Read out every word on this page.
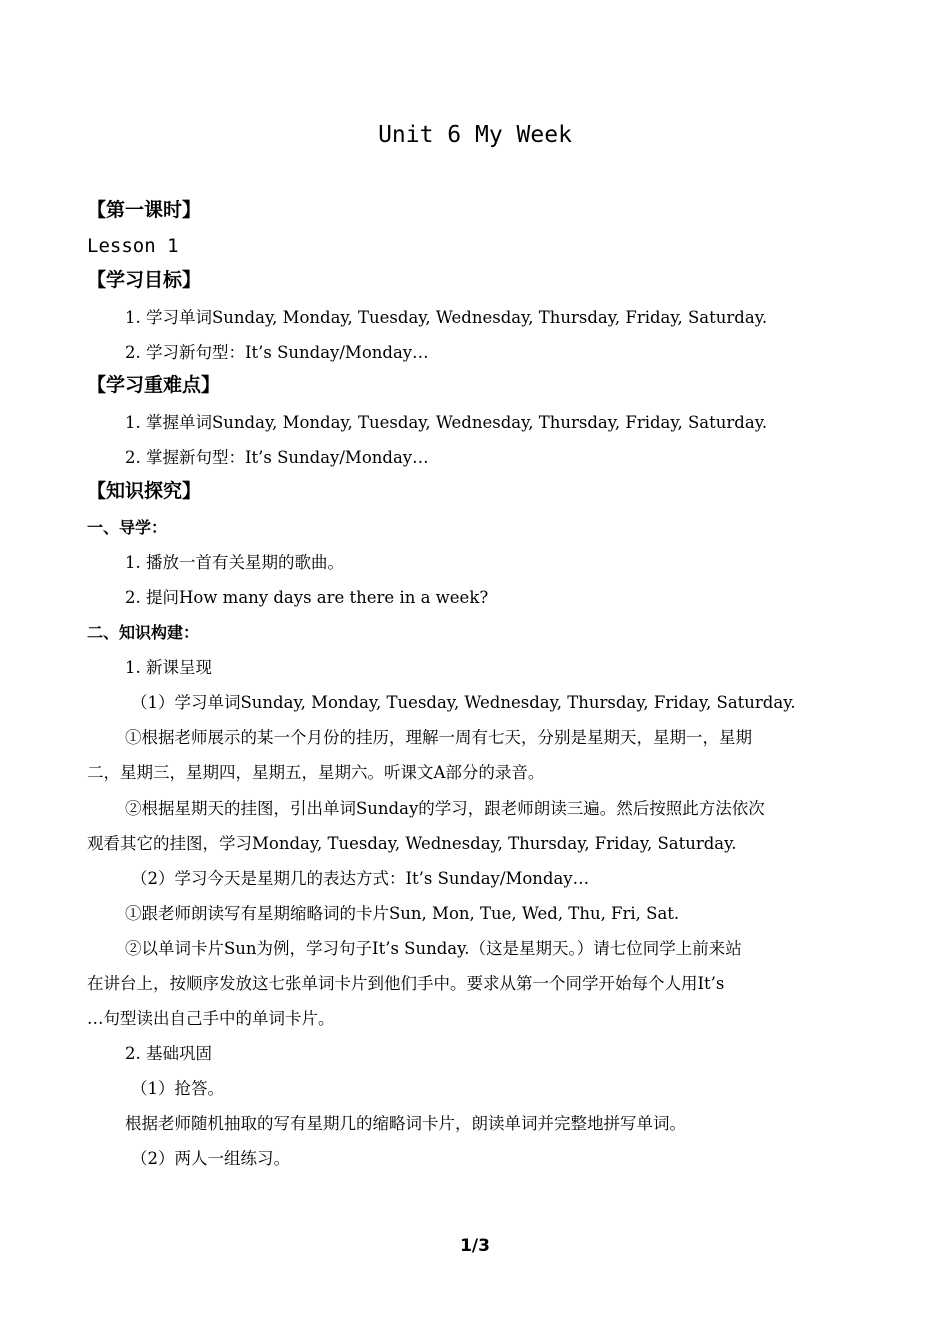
Unit 6 My Week
【第一课时】
Lesson 1
【学习目标】
1. 学习单词Sunday, Monday, Tuesday, Wednesday, Thursday, Friday, Saturday.
2. 学习新句型：It’s Sunday/Monday…
【学习重难点】
1. 掌握单词Sunday, Monday, Tuesday, Wednesday, Thursday, Friday, Saturday.
2. 掌握新句型：It’s Sunday/Monday…
【知识探究】
一、导学：
1. 播放一首有关星期的歌曲。
2. 提问How many days are there in a week?
二、知识构建：
1. 新课呈现
（1）学习单词Sunday, Monday, Tuesday, Wednesday, Thursday, Friday, Saturday.
①根据老师展示的某一个月份的挂历，理解一周有七天，分别是星期天，星期一，星期
二，星期三，星期四，星期五，星期六。听课文A部分的录音。
②根据星期天的挂图，引出单词Sunday的学习，跟老师朗读三遍。然后按照此方法依次
观看其它的挂图，学习Monday, Tuesday, Wednesday, Thursday, Friday, Saturday.
（2）学习今天是星期几的表达方式：It’s Sunday/Monday…
①跟老师朗读写有星期缩略词的卡片Sun, Mon, Tue, Wed, Thu, Fri, Sat.
②以单词卡片Sun为例，学习句子It’s Sunday.（这是星期天。）请七位同学上前来站
在讲台上，按顺序发放这七张单词卡片到他们手中。要求从第一个同学开始每个人用It’s
…句型读出自己手中的单词卡片。
2. 基础巩固
（1）抢答。
根据老师随机抽取的写有星期几的缩略词卡片，朗读单词并完整地拼写单词。
（2）两人一组练习。
1/3
